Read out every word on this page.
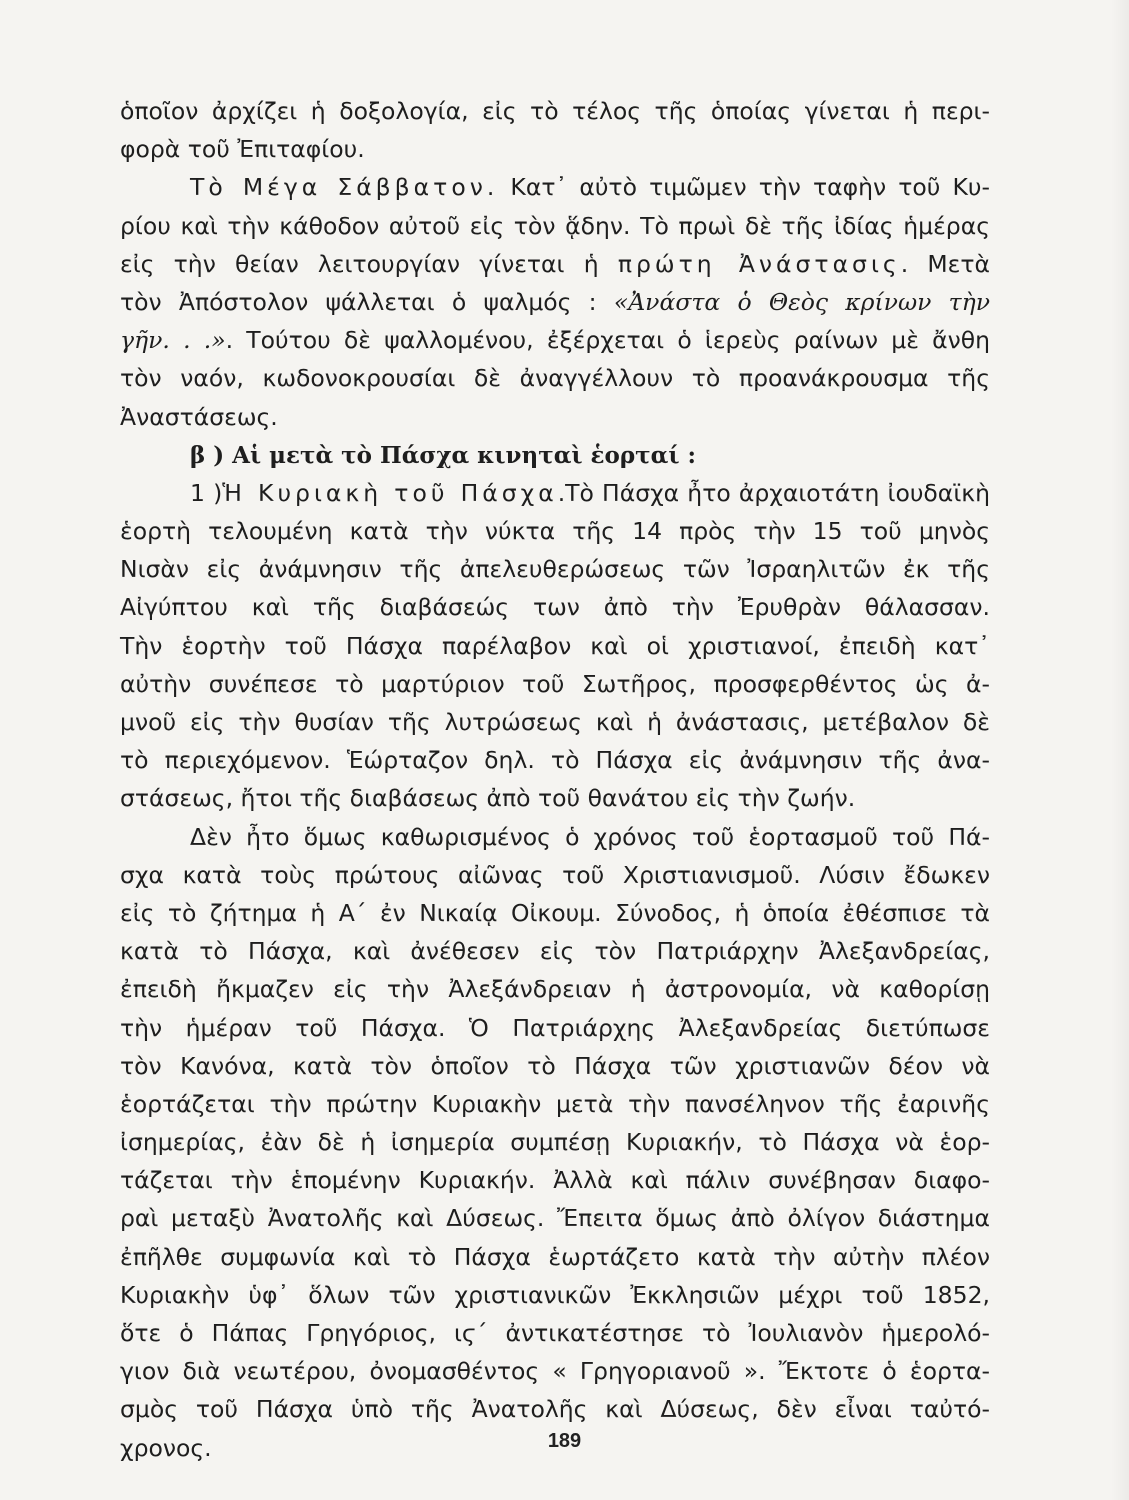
ὁποῖον ἀρχίζει ἡ δοξολογία, εἰς τὸ τέλος τῆς ὁποίας γίνεται ἡ περι-
φορὰ τοῦ Ἐπιταφίου.
Τὸ Μέγα Σάββατον. Κατ᾿ αὐτὸ τιμῶμεν τὴν ταφὴν τοῦ Κυ-
ρίου καὶ τὴν κάθοδον αὐτοῦ εἰς τὸν ᾅδην. Τὸ πρωὶ δὲ τῆς ἰδίας ἡμέρας
εἰς τὴν θείαν λειτουργίαν γίνεται ἡ πρώτη Ἀνάστασις. Μετὰ
τὸν Ἀπόστολον ψάλλεται ὁ ψαλμός : «Ἀνάστα ὁ Θεὸς κρίνων τὴν
γῆν. . .». Τούτου δὲ ψαλλομένου, ἐξέρχεται ὁ ἱερεὺς ραίνων μὲ ἄνθη
τὸν ναόν, κωδονοκρουσίαι δὲ ἀναγγέλλουν τὸ προανάκρουσμα τῆς
Ἀναστάσεως.
β ) Αἱ μετὰ τὸ Πάσχα κινηταὶ ἑορταί :
1 )Ἡ Κυριακὴ τοῦ Πάσχα.Τὸ Πάσχα ἦτο ἀρχαιοτάτη ἰουδαϊκὴ
ἑορτὴ τελουμένη κατὰ τὴν νύκτα τῆς 14 πρὸς τὴν 15 τοῦ μηνὸς
Νισὰν εἰς ἀνάμνησιν τῆς ἀπελευθερώσεως τῶν Ἰσραηλιτῶν ἐκ τῆς
Αἰγύπτου καὶ τῆς διαβάσεώς των ἀπὸ τὴν Ἐρυθρὰν θάλασσαν.
Τὴν ἑορτὴν τοῦ Πάσχα παρέλαβον καὶ οἱ χριστιανοί, ἐπειδὴ κατ᾿
αὐτὴν συνέπεσε τὸ μαρτύριον τοῦ Σωτῆρος, προσφερθέντος ὡς ἀ-
μνοῦ εἰς τὴν θυσίαν τῆς λυτρώσεως καὶ ἡ ἀνάστασις, μετέβαλον δὲ
τὸ περιεχόμενον. Ἑώρταζον δηλ. τὸ Πάσχα εἰς ἀνάμνησιν τῆς ἀνα-
στάσεως, ἤτοι τῆς διαβάσεως ἀπὸ τοῦ θανάτου εἰς τὴν ζωήν.
Δὲν ἦτο ὅμως καθωρισμένος ὁ χρόνος τοῦ ἑορτασμοῦ τοῦ Πά-
σχα κατὰ τοὺς πρώτους αἰῶνας τοῦ Χριστιανισμοῦ. Λύσιν ἔδωκεν
εἰς τὸ ζήτημα ἡ Α΄ ἐν Νικαίᾳ Οἰκουμ. Σύνοδος, ἡ ὁποία ἐθέσπισε τὰ
κατὰ τὸ Πάσχα, καὶ ἀνέθεσεν εἰς τὸν Πατριάρχην Ἀλεξανδρείας,
ἐπειδὴ ἤκμαζεν εἰς τὴν Ἀλεξάνδρειαν ἡ ἀστρονομία, νὰ καθορίσῃ
τὴν ἡμέραν τοῦ Πάσχα. Ὁ Πατριάρχης Ἀλεξανδρείας διετύπωσε
τὸν Κανόνα, κατὰ τὸν ὁποῖον τὸ Πάσχα τῶν χριστιανῶν δέον νὰ
ἑορτάζεται τὴν πρώτην Κυριακὴν μετὰ τὴν πανσέληνον τῆς ἐαρινῆς
ἰσημερίας, ἐὰν δὲ ἡ ἰσημερία συμπέσῃ Κυριακήν, τὸ Πάσχα νὰ ἑορ-
τάζεται τὴν ἑπομένην Κυριακήν. Ἀλλὰ καὶ πάλιν συνέβησαν διαφο-
ραὶ μεταξὺ Ἀνατολῆς καὶ Δύσεως. Ἔπειτα ὅμως ἀπὸ ὀλίγον διάστημα
ἐπῆλθε συμφωνία καὶ τὸ Πάσχα ἑωρτάζετο κατὰ τὴν αὐτὴν πλέον
Κυριακὴν ὑφ᾿ ὅλων τῶν χριστιανικῶν Ἐκκλησιῶν μέχρι τοῦ 1852,
ὅτε ὁ Πάπας Γρηγόριος, ιϛ΄ ἀντικατέστησε τὸ Ἰουλιανὸν ἡμερολό-
γιον διὰ νεωτέρου, ὀνομασθέντος « Γρηγοριανοῦ ». Ἔκτοτε ὁ ἑορτα-
σμὸς τοῦ Πάσχα ὑπὸ τῆς Ἀνατολῆς καὶ Δύσεως, δὲν εἶναι ταὐτό-
χρονος.	189
